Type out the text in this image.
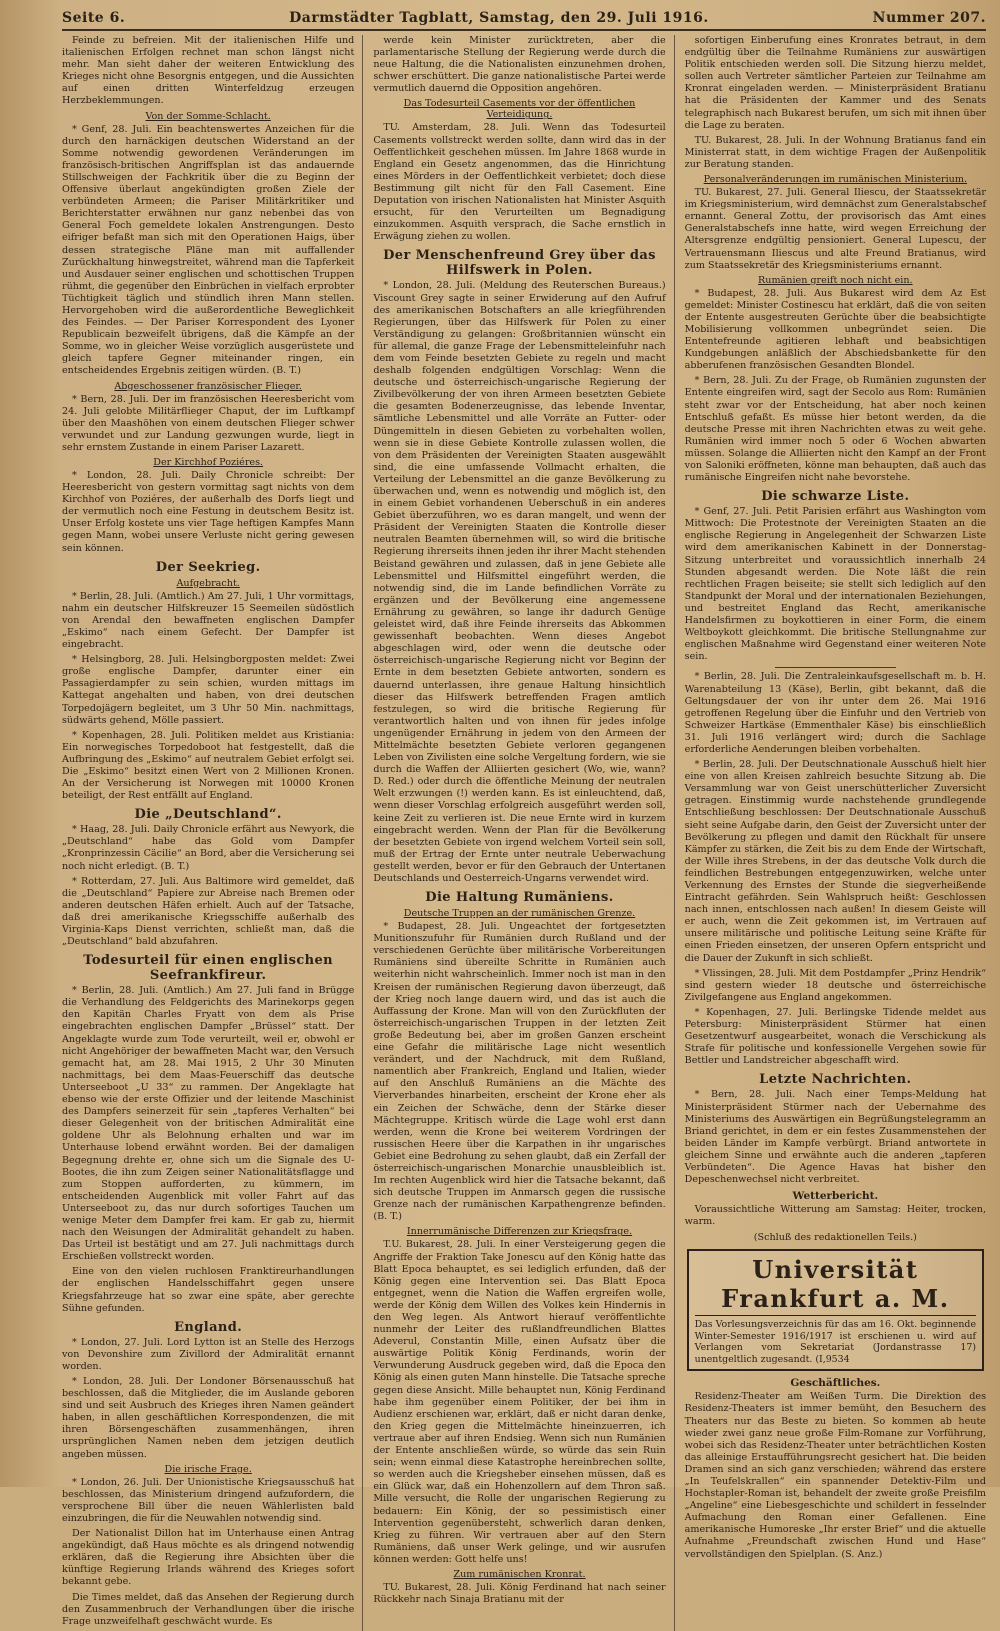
Seite 6.	Darmstädter Tagblatt, Samstag, den 29. Juli 1916.	Nummer 207.

Feinde zu befreien. Mit der italienischen Hilfe und italienischen Erfolgen rechnet man schon längst nicht mehr. Man sieht daher der weiteren Entwicklung des Krieges nicht ohne Besorgnis entgegen, und die Aussichten auf einen dritten Winterfeldzug erzeugen Herzbeklemmungen.

Von der Somme-Schlacht.

* Genf, 28. Juli. Ein beachtenswertes Anzeichen für die durch den harnäckigen deutschen Widerstand an der Somme notwendig gewordenen Veränderungen im französisch-britischen Angriffsplan ist das andauernde Stillschweigen der Fachkritik über die zu Beginn der Offensive überlaut angekündigten großen Ziele der verbündeten Armeen; die Pariser Militärkritiker und Berichterstatter erwähnen nur ganz nebenbei das von General Foch gemeldete lokalen Anstrengungen. Desto eifriger befaßt man sich mit den Operationen Haigs, über dessen strategische Pläne man mit auffallender Zurückhaltung hinwegstreitet, während man die Tapferkeit und Ausdauer seiner englischen und schottischen Truppen rühmt, die gegenüber den Einbrüchen in vielfach erprobter Tüchtigkeit täglich und stündlich ihren Mann stellen. Hervorgehoben wird die außerordentliche Beweglichkeit des Feindes. — Der Pariser Korrespondent des Lyoner Republicain bezweifelt übrigens, daß die Kämpfe an der Somme, wo in gleicher Weise vorzüglich ausgerüstete und gleich tapfere Gegner miteinander ringen, ein entscheidendes Ergebnis zeitigen würden. (B. T.)

Abgeschossener französischer Flieger.

* Bern, 28. Juli. Der im französischen Heeresbericht vom 24. Juli gelobte Militärflieger Chaput, der im Luftkampf über den Maashöhen von einem deutschen Flieger schwer verwundet und zur Landung gezwungen wurde, liegt in sehr ernstem Zustande in einem Pariser Lazarett.

Der Kirchhof Poziéres.

* London, 28. Juli. Daily Chronicle schreibt: Der Heeresbericht von gestern vormittag sagt nichts von dem Kirchhof von Poziéres, der außerhalb des Dorfs liegt und der vermutlich noch eine Festung in deutschem Besitz ist. Unser Erfolg kostete uns vier Tage heftigen Kampfes Mann gegen Mann, wobei unsere Verluste nicht gering gewesen sein können.

Der Seekrieg.
Aufgebracht.

* Berlin, 28. Juli. (Amtlich.) Am 27. Juli, 1 Uhr vormittags, nahm ein deutscher Hilfskreuzer 15 Seemeilen südöstlich von Arendal den bewaffneten englischen Dampfer „Eskimo“ nach einem Gefecht. Der Dampfer ist eingebracht.

* Helsingborg, 28. Juli. Helsingborgposten meldet: Zwei große englische Dampfer, darunter einer ein Passagierdampfer zu sein schien, wurden mittags im Kattegat angehalten und haben, von drei deutschen Torpedojägern begleitet, um 3 Uhr 50 Min. nachmittags, südwärts gehend, Mölle passiert.

* Kopenhagen, 28. Juli. Politiken meldet aus Kristiania: Ein norwegisches Torpedoboot hat festgestellt, daß die Aufbringung des „Eskimo“ auf neutralem Gebiet erfolgt sei. Die „Eskimo“ besitzt einen Wert von 2 Millionen Kronen. An der Versicherung ist Norwegen mit 10000 Kronen beteiligt, der Rest entfällt auf England.

Die „Deutschland“.

* Haag, 28. Juli. Daily Chronicle erfährt aus Newyork, die „Deutschland“ habe das Gold vom Dampfer „Kronprinzessin Cäcilie“ an Bord, aber die Versicherung sei noch nicht erledigt. (B. T.)

* Rotterdam, 27. Juli. Aus Baltimore wird gemeldet, daß die „Deutschland“ Papiere zur Abreise nach Bremen oder anderen deutschen Häfen erhielt. Auch auf der Tatsache, daß drei amerikanische Kriegsschiffe außerhalb des Virginia-Kaps Dienst verrichten, schließt man, daß die „Deutschland“ bald abzufahren.

Todesurteil für einen englischen Seefrankfireur.

* Berlin, 28. Juli. (Amtlich.) Am 27. Juli fand in Brügge die Verhandlung des Feldgerichts des Marinekorps gegen den Kapitän Charles Fryatt von dem als Prise eingebrachten englischen Dampfer „Brüssel“ statt. Der Angeklagte wurde zum Tode verurteilt, weil er, obwohl er nicht Angehöriger der bewaffneten Macht war, den Versuch gemacht hat, am 28. Mai 1915, 2 Uhr 30 Minuten nachmittags, bei dem Maas-Feuerschiff das deutsche Unterseeboot „U 33“ zu rammen. Der Angeklagte hat ebenso wie der erste Offizier und der leitende Maschinist des Dampfers seinerzeit für sein „tapferes Verhalten“ bei dieser Gelegenheit von der britischen Admiralität eine goldene Uhr als Belohnung erhalten und war im Unterhause lobend erwähnt worden. Bei der damaligen Begegnung drehte er, ohne sich um die Signale des U-Bootes, die ihn zum Zeigen seiner Nationalitätsflagge und zum Stoppen aufforderten, zu kümmern, im entscheidenden Augenblick mit voller Fahrt auf das Unterseeboot zu, das nur durch sofortiges Tauchen um wenige Meter dem Dampfer frei kam. Er gab zu, hiermit nach den Weisungen der Admiralität gehandelt zu haben. Das Urteil ist bestätigt und am 27. Juli nachmittags durch Erschießen vollstreckt worden.

Eine von den vielen ruchlosen Franktireurhandlungen der englischen Handelsschiffahrt gegen unsere Kriegsfahrzeuge hat so zwar eine späte, aber gerechte Sühne gefunden.

England.

* London, 27. Juli. Lord Lytton ist an Stelle des Herzogs von Devonshire zum Zivillord der Admiralität ernannt worden.

* London, 28. Juli. Der Londoner Börsenausschuß hat beschlossen, daß die Mitglieder, die im Auslande geboren sind und seit Ausbruch des Krieges ihren Namen geändert haben, in allen geschäftlichen Korrespondenzen, die mit ihren Börsengeschäften zusammenhängen, ihren ursprünglichen Namen neben dem jetzigen deutlich angeben müssen.

Die irische Frage.

* London, 26. Juli. Der Unionistische Kriegsausschuß hat beschlossen, das Ministerium dringend aufzufordern, die versprochene Bill über die neuen Wählerlisten bald einzubringen, die für die Neuwahlen notwendig sind.

Der Nationalist Dillon hat im Unterhause einen Antrag angekündigt, daß Haus möchte es als dringend notwendig erklären, daß die Regierung ihre Absichten über die künftige Regierung Irlands während des Krieges sofort bekannt gebe.

Die Times meldet, daß das Ansehen der Regierung durch den Zusammenbruch der Verhandlungen über die irische Frage unzweifelhaft geschwächt wurde. Es

werde kein Minister zurücktreten, aber die parlamentarische Stellung der Regierung werde durch die neue Haltung, die die Nationalisten einzunehmen drohen, schwer erschüttert. Die ganze nationalistische Partei werde vermutlich dauernd die Opposition angehören.

Das Todesurteil Casements vor der öffentlichen Verteidigung.

TU. Amsterdam, 28. Juli. Wenn das Todesurteil Casements vollstreckt werden sollte, dann wird das in der Oeffentlichkeit geschehen müssen. Im Jahre 1868 wurde in England ein Gesetz angenommen, das die Hinrichtung eines Mörders in der Oeffentlichkeit verbietet; doch diese Bestimmung gilt nicht für den Fall Casement. Eine Deputation von irischen Nationalisten hat Minister Asquith ersucht, für den Verurteilten um Begnadigung einzukommen. Asquith versprach, die Sache ernstlich in Erwägung ziehen zu wollen.

Der Menschenfreund Grey über das Hilfswerk in Polen.

* London, 28. Juli. (Meldung des Reuterschen Bureaus.) Viscount Grey sagte in seiner Erwiderung auf den Aufruf des amerikanischen Botschafters an alle kriegführenden Regierungen, über das Hilfswerk für Polen zu einer Verständigung zu gelangen: Großbritannien wünscht ein für allemal, die ganze Frage der Lebensmitteleinfuhr nach dem vom Feinde besetzten Gebiete zu regeln und macht deshalb folgenden endgültigen Vorschlag: Wenn die deutsche und österreichisch-ungarische Regierung der Zivilbevölkerung der von ihren Armeen besetzten Gebiete die gesamten Bodenerzeugnisse, das lebende Inventar, sämtliche Lebensmittel und alle Vorräte an Futter- oder Düngemitteln in diesen Gebieten zu vorbehalten wollen, wenn sie in diese Gebiete Kontrolle zulassen wollen, die von dem Präsidenten der Vereinigten Staaten ausgewählt sind, die eine umfassende Vollmacht erhalten, die Verteilung der Lebensmittel an die ganze Bevölkerung zu überwachen und, wenn es notwendig und möglich ist, den in einem Gebiet vorhandenen Ueberschuß in ein anderes Gebiet überzuführen, wo es daran mangelt, und wenn der Präsident der Vereinigten Staaten die Kontrolle dieser neutralen Beamten übernehmen will, so wird die britische Regierung ihrerseits ihnen jeden ihr ihrer Macht stehenden Beistand gewähren und zulassen, daß in jene Gebiete alle Lebensmittel und Hilfsmittel eingeführt werden, die notwendig sind, die im Lande befindlichen Vorräte zu ergänzen und der Bevölkerung eine angemessene Ernährung zu gewähren, so lange ihr dadurch Genüge geleistet wird, daß ihre Feinde ihrerseits das Abkommen gewissenhaft beobachten. Wenn dieses Angebot abgeschlagen wird, oder wenn die deutsche oder österreichisch-ungarische Regierung nicht vor Beginn der Ernte in dem besetzten Gebiete antworten, sondern es dauernd unterlassen, ihre genaue Haltung hinsichtlich dieser das Hilfswerk betreffenden Fragen amtlich festzulegen, so wird die britische Regierung für verantwortlich halten und von ihnen für jedes infolge ungenügender Ernährung in jedem von den Armeen der Mittelmächte besetzten Gebiete verloren gegangenen Leben von Zivilisten eine solche Vergeltung fordern, wie sie durch die Waffen der Alliierten gesichert (Wo, wie, wann? D. Red.) oder durch die öffentliche Meinung der neutralen Welt erzwungen (!) werden kann. Es ist einleuchtend, daß, wenn dieser Vorschlag erfolgreich ausgeführt werden soll, keine Zeit zu verlieren ist. Die neue Ernte wird in kurzem eingebracht werden. Wenn der Plan für die Bevölkerung der besetzten Gebiete von irgend welchem Vorteil sein soll, muß der Ertrag der Ernte unter neutrale Ueberwachung gestellt werden, bevor er für den Gebrauch der Untertanen Deutschlands und Oesterreich-Ungarns verwendet wird.

Die Haltung Rumäniens.
Deutsche Truppen an der rumänischen Grenze.

* Budapest, 28. Juli. Ungeachtet der fortgesetzten Munitionszufuhr für Rumänien durch Rußland und der verschiedenen Gerüchte über militärische Vorbereitungen Rumäniens sind übereilte Schritte in Rumänien auch weiterhin nicht wahrscheinlich. Immer noch ist man in den Kreisen der rumänischen Regierung davon überzeugt, daß der Krieg noch lange dauern wird, und das ist auch die Auffassung der Krone. Man will von den Zurückfluten der österreichisch-ungarischen Truppen in der letzten Zeit große Bedeutung bei, aber im großen Ganzen erscheint eine Gefahr die militärische Lage nicht wesentlich verändert, und der Nachdruck, mit dem Rußland, namentlich aber Frankreich, England und Italien, wieder auf den Anschluß Rumäniens an die Mächte des Vierverbandes hinarbeiten, erscheint der Krone eher als ein Zeichen der Schwäche, denn der Stärke dieser Mächtegruppe. Kritisch würde die Lage wohl erst dann werden, wenn die Krone bei weiterem Vordringen der russischen Heere über die Karpathen in ihr ungarisches Gebiet eine Bedrohung zu sehen glaubt, daß ein Zerfall der österreichisch-ungarischen Monarchie unausbleiblich ist. Im rechten Augenblick wird hier die Tatsache bekannt, daß sich deutsche Truppen im Anmarsch gegen die russische Grenze nach der rumänischen Karpathengrenze befinden. (B. T.)

Innerrumänische Differenzen zur Kriegsfrage.

T.U. Bukarest, 28. Juli. In einer Versteigerung gegen die Angriffe der Fraktion Take Jonescu auf den König hatte das Blatt Epoca behauptet, es sei lediglich erfunden, daß der König gegen eine Intervention sei. Das Blatt Epoca entgegnet, wenn die Nation die Waffen ergreifen wolle, werde der König dem Willen des Volkes kein Hindernis in den Weg legen. Als Antwort hierauf veröffentlichte nunmehr der Leiter des rußlandfreundlichen Blattes Adeverul, Constantin Mille, einen Aufsatz über die auswärtige Politik König Ferdinands, worin der Verwunderung Ausdruck gegeben wird, daß die Epoca den König als einen guten Mann hinstelle. Die Tatsache spreche gegen diese Ansicht. Mille behauptet nun, König Ferdinand habe ihm gegenüber einem Politiker, der bei ihm in Audienz erschienen war, erklärt, daß er nicht daran denke, den Krieg gegen die Mittelmächte hineinzuerren, ich vertraue aber auf ihren Endsieg. Wenn sich nun Rumänien der Entente anschließen würde, so würde das sein Ruin sein; wenn einmal diese Katastrophe hereinbrechen sollte, so werden auch die Kriegsheber einsehen müssen, daß es ein Glück war, daß ein Hohenzollern auf dem Thron saß. Mille versucht, die Rolle der ungarischen Regierung zu bedauern: Ein König, der so pessimistisch einer Intervention gegenübersteht, schwerlich daran denken, Krieg zu führen. Wir vertrauen aber auf den Stern Rumäniens, daß unser Werk gelinge, und wir ausrufen können werden: Gott helfe uns!

Zum rumänischen Kronrat.

TU. Bukarest, 28. Juli. König Ferdinand hat nach seiner Rückkehr nach Sinaja Bratianu mit der

sofortigen Einberufung eines Kronrates betraut, in dem endgültig über die Teilnahme Rumäniens zur auswärtigen Politik entschieden werden soll. Die Sitzung hierzu meldet, sollen auch Vertreter sämtlicher Parteien zur Teilnahme am Kronrat eingeladen werden. — Ministerpräsident Bratianu hat die Präsidenten der Kammer und des Senats telegraphisch nach Bukarest berufen, um sich mit ihnen über die Lage zu beraten.

TU. Bukarest, 28. Juli. In der Wohnung Bratianus fand ein Ministerrat statt, in dem wichtige Fragen der Außenpolitik zur Beratung standen.

Personalveränderungen im rumänischen Ministerium.

TU. Bukarest, 27. Juli. General Iliescu, der Staatssekretär im Kriegsministerium, wird demnächst zum Generalstabschef ernannt. General Zottu, der provisorisch das Amt eines Generalstabschefs inne hatte, wird wegen Erreichung der Altersgrenze endgültig pensioniert. General Lupescu, der Vertrauensmann Iliescus und alte Freund Bratianus, wird zum Staatssekretär des Kriegsministeriums ernannt.

Rumänien greift noch nicht ein.

* Budapest, 28. Juli. Aus Bukarest wird dem Az Est gemeldet: Minister Costinescu hat erklärt, daß die von seiten der Entente ausgestreuten Gerüchte über die beabsichtigte Mobilisierung vollkommen unbegründet seien. Die Ententefreunde agitieren lebhaft und beabsichtigen Kundgebungen anläßlich der Abschiedsbankette für den abberufenen französischen Gesandten Blondel.

* Bern, 28. Juli. Zu der Frage, ob Rumänien zugunsten der Entente eingreifen wird, sagt der Secolo aus Rom: Rumänien steht zwar vor der Entscheidung, hat aber noch keinen Entschluß gefaßt. Es müsse hier betont werden, da die deutsche Presse mit ihren Nachrichten etwas zu weit gehe. Rumänien wird immer noch 5 oder 6 Wochen abwarten müssen. Solange die Alliierten nicht den Kampf an der Front von Saloniki eröffneten, könne man behaupten, daß auch das rumänische Eingreifen nicht nahe bevorstehe.

Die schwarze Liste.

* Genf, 27. Juli. Petit Parisien erfährt aus Washington vom Mittwoch: Die Protestnote der Vereinigten Staaten an die englische Regierung in Angelegenheit der Schwarzen Liste wird dem amerikanischen Kabinett in der Donnerstag-Sitzung unterbreitet und voraussichtlich innerhalb 24 Stunden abgesandt werden. Die Note läßt die rein rechtlichen Fragen beiseite; sie stellt sich lediglich auf den Standpunkt der Moral und der internationalen Beziehungen, und bestreitet England das Recht, amerikanische Handelsfirmen zu boykottieren in einer Form, die einem Weltboykott gleichkommt. Die britische Stellungnahme zur englischen Maßnahme wird Gegenstand einer weiteren Note sein.

* Berlin, 28. Juli. Die Zentraleinkaufsgesellschaft m. b. H. Warenabteilung 13 (Käse), Berlin, gibt bekannt, daß die Geltungsdauer der von ihr unter dem 26. Mai 1916 getroffenen Regelung über die Einfuhr und den Vertrieb von Schweizer Hartkäse (Emmenthaler Käse) bis einschließlich 31. Juli 1916 verlängert wird; durch die Sachlage erforderliche Aenderungen bleiben vorbehalten.

* Berlin, 28. Juli. Der Deutschnationale Ausschuß hielt hier eine von allen Kreisen zahlreich besuchte Sitzung ab. Die Versammlung war von Geist unerschütterlicher Zuversicht getragen. Einstimmig wurde nachstehende grundlegende Entschließung beschlossen: Der Deutschnationale Ausschuß sieht seine Aufgabe darin, den Geist der Zuversicht unter der Bevölkerung zu pflegen und damit den Rückhalt für unsere Kämpfer zu stärken, die Zeit bis zu dem Ende der Wirtschaft, der Wille ihres Strebens, in der das deutsche Volk durch die feindlichen Bestrebungen entgegenzuwirken, welche unter Verkennung des Ernstes der Stunde die siegverheißende Eintracht gefährden. Sein Wahlspruch heißt: Geschlossen nach innen, entschlossen nach außen! In diesem Geiste will er auch, wenn die Zeit gekommen ist, im Vertrauen auf unsere militärische und politische Leitung seine Kräfte für einen Frieden einsetzen, der unseren Opfern entspricht und die Dauer der Zukunft in sich schließt.

* Vlissingen, 28. Juli. Mit dem Postdampfer „Prinz Hendrik“ sind gestern wieder 18 deutsche und österreichische Zivilgefangene aus England angekommen.

* Kopenhagen, 27. Juli. Berlingske Tidende meldet aus Petersburg: Ministerpräsident Stürmer hat einen Gesetzentwurf ausgearbeitet, wonach die Verschickung als Strafe für politische und konfessionelle Vergehen sowie für Bettler und Landstreicher abgeschafft wird.

Letzte Nachrichten.

* Bern, 28. Juli. Nach einer Temps-Meldung hat Ministerpräsident Stürmer nach der Uebernahme des Ministeriums des Auswärtigen ein Begrüßungstelegramm an Briand gerichtet, in dem er ein festes Zusammenstehen der beiden Länder im Kampfe verbürgt. Briand antwortete in gleichem Sinne und erwähnte auch die anderen „tapferen Verbündeten“. Die Agence Havas hat bisher den Depeschenwechsel nicht verbreitet.

Wetterbericht.

Voraussichtliche Witterung am Samstag: Heiter, trocken, warm.

(Schluß des redaktionellen Teils.)
Universität Frankfurt a. M.
Das Vorlesungsverzeichnis für das am 16. Okt. beginnende Winter-Semester 1916/1917 ist erschienen u. wird auf Verlangen vom Sekretariat (Jordanstrasse 17) unentgeltlich zugesandt. (I,9534
Geschäftliches.

Residenz-Theater am Weißen Turm. Die Direktion des Residenz-Theaters ist immer bemüht, den Besuchern des Theaters nur das Beste zu bieten. So kommen ab heute wieder zwei ganz neue große Film-Romane zur Vorführung, wobei sich das Residenz-Theater unter beträchtlichen Kosten das alleinige Erstaufführungsrecht gesichert hat. Die beiden Dramen sind an sich ganz verschieden; während das erstere „In Teufelskrallen“ ein spannender Detektiv-Film und Hochstapler-Roman ist, behandelt der zweite große Preisfilm „Angeline“ eine Liebesgeschichte und schildert in fesselnder Aufmachung den Roman einer Gefallenen. Eine amerikanische Humoreske „Ihr erster Brief“ und die aktuelle Aufnahme „Freundschaft zwischen Hund und Hase“ vervollständigen den Spielplan. (S. Anz.)
